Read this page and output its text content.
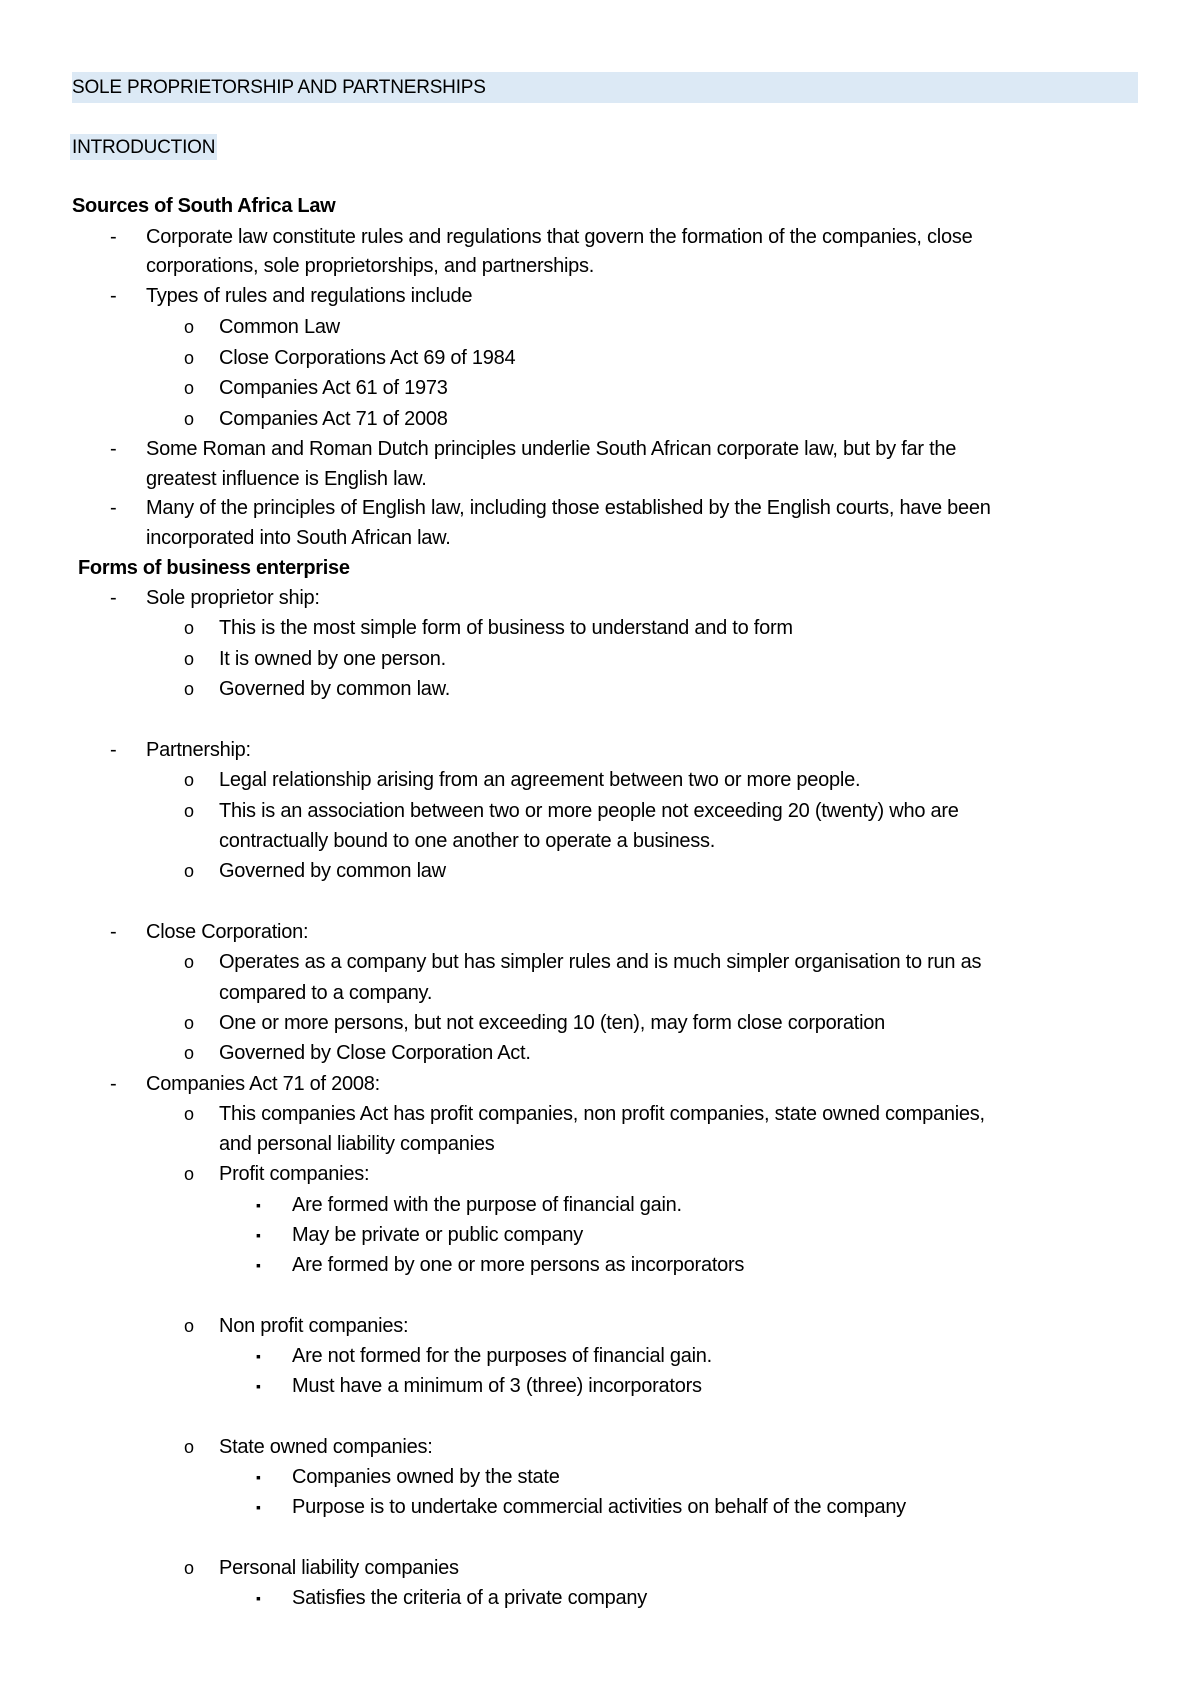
SOLE PROPRIETORSHIP AND PARTNERSHIPS
INTRODUCTION
Sources of South Africa Law
- Corporate law constitute rules and regulations that govern the formation of the companies, close
corporations, sole proprietorships, and partnerships.
- Types of rules and regulations include
o Common Law
o Close Corporations Act 69 of 1984
o Companies Act 61 of 1973
o Companies Act 71 of 2008
- Some Roman and Roman Dutch principles underlie South African corporate law, but by far the
greatest influence is English law.
- Many of the principles of English law, including those established by the English courts, have been
incorporated into South African law.
Forms of business enterprise
- Sole proprietor ship:
o This is the most simple form of business to understand and to form
o It is owned by one person.
o Governed by common law.
- Partnership:
o Legal relationship arising from an agreement between two or more people.
o This is an association between two or more people not exceeding 20 (twenty) who are
contractually bound to one another to operate a business.
o Governed by common law
- Close Corporation:
o Operates as a company but has simpler rules and is much simpler organisation to run as
compared to a company.
o One or more persons, but not exceeding 10 (ten), may form close corporation
o Governed by Close Corporation Act.
- Companies Act 71 of 2008:
o This companies Act has profit companies, non profit companies, state owned companies,
and personal liability companies
o Profit companies:
▪ Are formed with the purpose of financial gain.
▪ May be private or public company
▪ Are formed by one or more persons as incorporators
o Non profit companies:
▪ Are not formed for the purposes of financial gain.
▪ Must have a minimum of 3 (three) incorporators
o State owned companies:
▪ Companies owned by the state
▪ Purpose is to undertake commercial activities on behalf of the company
o Personal liability companies
▪ Satisfies the criteria of a private company
